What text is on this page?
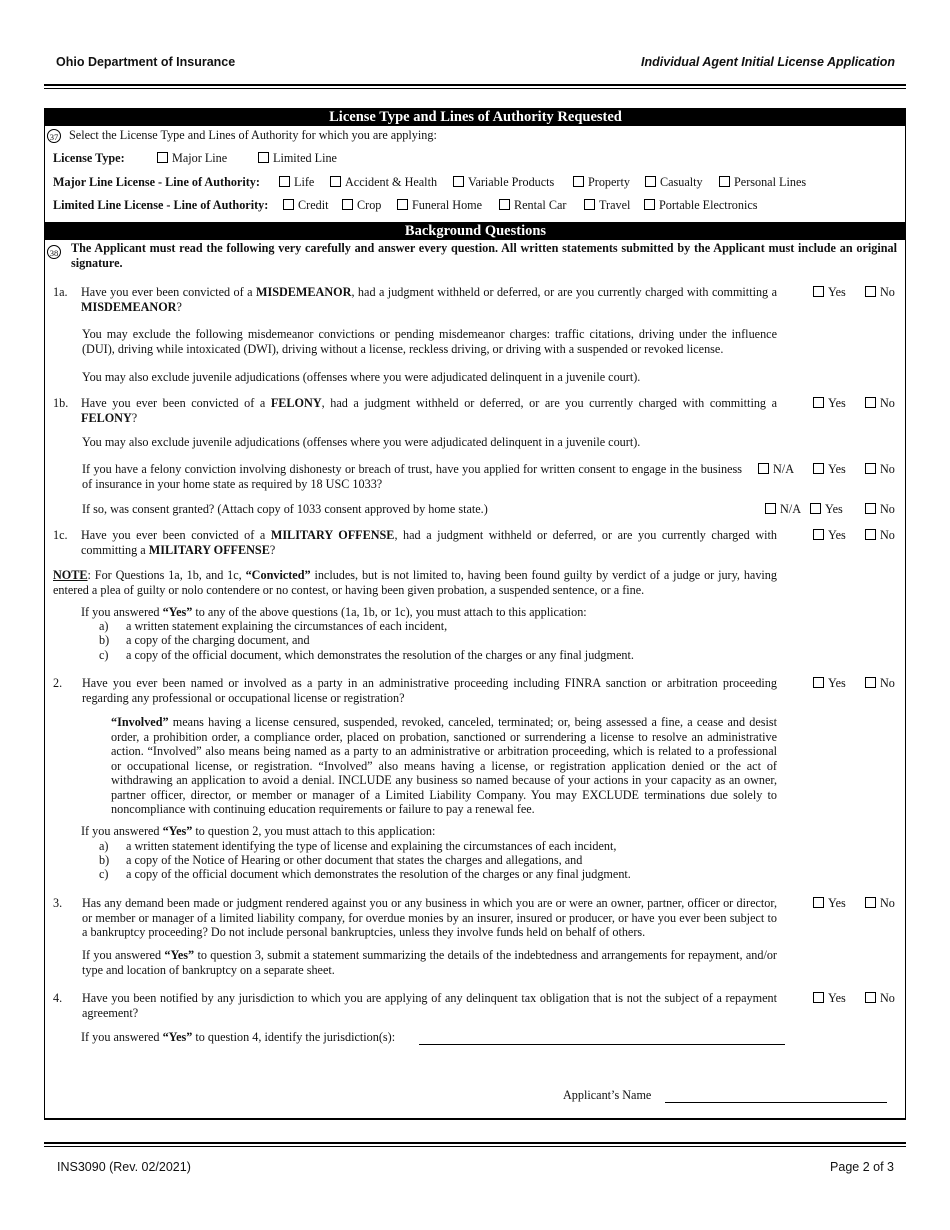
Ohio Department of Insurance	Individual Agent Initial License Application
License Type and Lines of Authority Requested
37 Select the License Type and Lines of Authority for which you are applying:
License Type:	Major Line	Limited Line
Major Line License - Line of Authority:	Life	Accident & Health	Variable Products	Property	Casualty	Personal Lines
Limited Line License - Line of Authority:	Credit	Crop	Funeral Home	Rental Car	Travel	Portable Electronics
Background Questions
38 The Applicant must read the following very carefully and answer every question. All written statements submitted by the Applicant must include an original signature.
1a. Have you ever been convicted of a MISDEMEANOR, had a judgment withheld or deferred, or are you currently charged with committing a MISDEMEANOR?
Yes	No
You may exclude the following misdemeanor convictions or pending misdemeanor charges: traffic citations, driving under the influence (DUI), driving while intoxicated (DWI), driving without a license, reckless driving, or driving with a suspended or revoked license.
You may also exclude juvenile adjudications (offenses where you were adjudicated delinquent in a juvenile court).
1b. Have you ever been convicted of a FELONY, had a judgment withheld or deferred, or are you currently charged with committing a FELONY?
Yes	No
You may also exclude juvenile adjudications (offenses where you were adjudicated delinquent in a juvenile court).
If you have a felony conviction involving dishonesty or breach of trust, have you applied for written consent to engage in the business of insurance in your home state as required by 18 USC 1033?
N/A	Yes	No
If so, was consent granted? (Attach copy of 1033 consent approved by home state.)	N/A	Yes	No
1c. Have you ever been convicted of a MILITARY OFFENSE, had a judgment withheld or deferred, or are you currently charged with committing a MILITARY OFFENSE?
Yes	No
NOTE: For Questions 1a, 1b, and 1c, “Convicted” includes, but is not limited to, having been found guilty by verdict of a judge or jury, having entered a plea of guilty or nolo contendere or no contest, or having been given probation, a suspended sentence, or a fine.
If you answered “Yes” to any of the above questions (1a, 1b, or 1c), you must attach to this application:
a) a written statement explaining the circumstances of each incident,
b) a copy of the charging document, and
c) a copy of the official document, which demonstrates the resolution of the charges or any final judgment.
2. Have you ever been named or involved as a party in an administrative proceeding including FINRA sanction or arbitration proceeding regarding any professional or occupational license or registration?
Yes	No
“Involved” means having a license censured, suspended, revoked, canceled, terminated; or, being assessed a fine, a cease and desist order, a prohibition order, a compliance order, placed on probation, sanctioned or surrendering a license to resolve an administrative action. “Involved” also means being named as a party to an administrative or arbitration proceeding, which is related to a professional or occupational license, or registration. “Involved” also means having a license, or registration application denied or the act of withdrawing an application to avoid a denial. INCLUDE any business so named because of your actions in your capacity as an owner, partner officer, director, or member or manager of a Limited Liability Company. You may EXCLUDE terminations due solely to noncompliance with continuing education requirements or failure to pay a renewal fee.
If you answered “Yes” to question 2, you must attach to this application:
a) a written statement identifying the type of license and explaining the circumstances of each incident,
b) a copy of the Notice of Hearing or other document that states the charges and allegations, and
c) a copy of the official document which demonstrates the resolution of the charges or any final judgment.
3. Has any demand been made or judgment rendered against you or any business in which you are or were an owner, partner, officer or director, or member or manager of a limited liability company, for overdue monies by an insurer, insured or producer, or have you ever been subject to a bankruptcy proceeding? Do not include personal bankruptcies, unless they involve funds held on behalf of others.
Yes	No
If you answered “Yes” to question 3, submit a statement summarizing the details of the indebtedness and arrangements for repayment, and/or type and location of bankruptcy on a separate sheet.
4. Have you been notified by any jurisdiction to which you are applying of any delinquent tax obligation that is not the subject of a repayment agreement?
Yes	No
If you answered “Yes” to question 4, identify the jurisdiction(s):
Applicant’s Name
INS3090 (Rev. 02/2021)	Page 2 of 3
